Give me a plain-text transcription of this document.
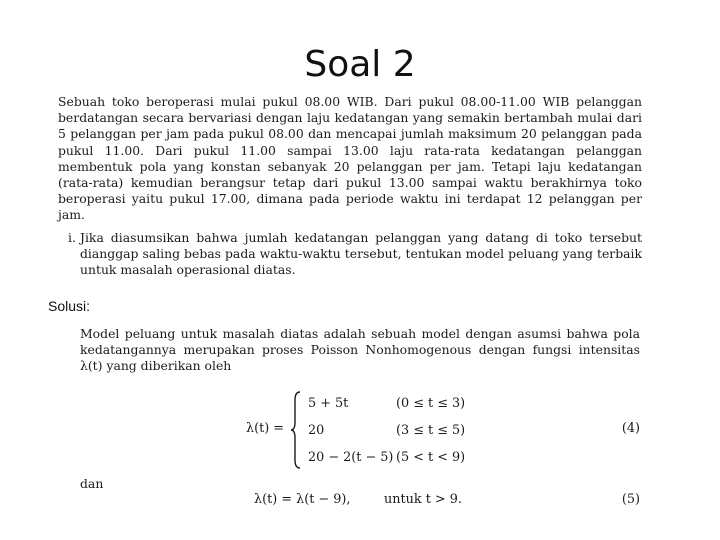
Soal 2

Sebuah toko beroperasi mulai pukul 08.00 WIB. Dari pukul 08.00-11.00 WIB pelanggan berdatangan secara bervariasi dengan laju kedatangan yang semakin bertambah mulai dari 5 pelanggan per jam pada pukul 08.00 dan mencapai jumlah maksimum 20 pelanggan pada pukul 11.00. Dari pukul 11.00 sampai 13.00 laju rata-rata kedatangan pelanggan membentuk pola yang konstan sebanyak 20 pelanggan per jam. Tetapi laju kedatangan (rata-rata) kemudian berangsur tetap dari pukul 13.00 sampai waktu berakhirnya toko beroperasi yaitu pukul 17.00, dimana pada periode waktu ini terdapat 12 pelanggan per jam.

i. Jika diasumsikan bahwa jumlah kedatangan pelanggan yang datang di toko tersebut dianggap saling bebas pada waktu-waktu tersebut, tentukan model peluang yang terbaik untuk masalah operasional diatas.
Solusi:

Model peluang untuk masalah diatas adalah sebuah model dengan asumsi bahwa pola kedatangannya merupakan proses Poisson Nonhomogenous dengan fungsi intensitas λ(t) yang diberikan oleh

λ(t) =
5 + 5t	(0 ≤ t ≤ 3)
20	(3 ≤ t ≤ 5)
20 − 2(t − 5) (5 < t < 9)
(4)
dan
λ(t) = λ(t − 9),	untuk t > 9.	(5)
